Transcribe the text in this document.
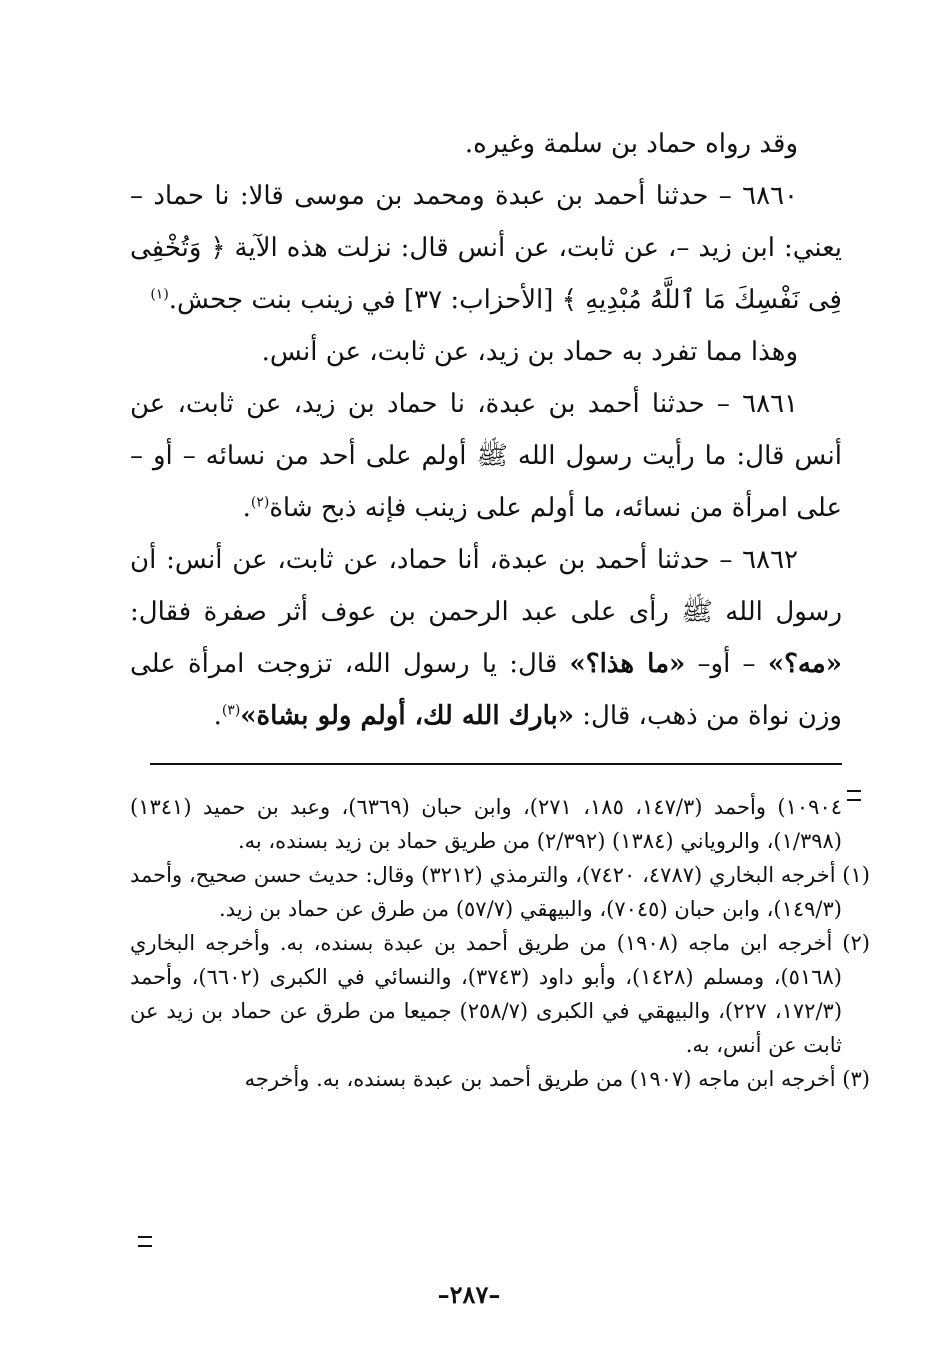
وقد رواه حماد بن سلمة وغيره.

٦٨٦٠ – حدثنا أحمد بن عبدة ومحمد بن موسى قالا: نا حماد – يعني: ابن زيد –، عن ثابت، عن أنس قال: نزلت هذه الآية ﴿ وَتُخْفِى فِى نَفْسِكَ مَا ٱللَّهُ مُبْدِيهِ ﴾ [الأحزاب: ٣٧] في زينب بنت جحش.$^{(١)}$

وهذا مما تفرد به حماد بن زيد، عن ثابت، عن أنس.

٦٨٦١ – حدثنا أحمد بن عبدة، نا حماد بن زيد، عن ثابت، عن أنس قال: ما رأيت رسول الله ﷺ أولم على أحد من نسائه – أو – على امرأة من نسائه، ما أولم على زينب فإنه ذبح شاة$^{(٢)}$.

٦٨٦٢ – حدثنا أحمد بن عبدة، أنا حماد، عن ثابت، عن أنس: أن رسول الله ﷺ رأى على عبد الرحمن بن عوف أثر صفرة فقال: «مه؟» – أو– «ما هذا؟» قال: يا رسول الله، تزوجت امرأة على وزن نواة من ذهب، قال: «بارك الله لك، أولم ولو بشاة»$^{(٣)}$.

١٠٩٠٤) وأحمد (١٤٧/٣، ١٨٥، ٢٧١)، وابن حبان (٦٣٦٩)، وعبد بن حميد (١٣٤١) (١/٣٩٨)، والروياني (١٣٨٤) (٢/٣٩٢) من طريق حماد بن زيد بسنده، به.

(١) أخرجه البخاري (٤٧٨٧، ٧٤٢٠)، والترمذي (٣٢١٢) وقال: حديث حسن صحيح، وأحمد (١٤٩/٣)، وابن حبان (٧٠٤٥)، والبيهقي (٥٧/٧) من طرق عن حماد بن زيد.

(٢) أخرجه ابن ماجه (١٩٠٨) من طريق أحمد بن عبدة بسنده، به. وأخرجه البخاري (٥١٦٨)، ومسلم (١٤٢٨)، وأبو داود (٣٧٤٣)، والنسائي في الكبرى (٦٦٠٢)، وأحمد (١٧٢/٣، ٢٢٧)، والبيهقي في الكبرى (٢٥٨/٧) جميعا من طرق عن حماد بن زيد عن ثابت عن أنس، به.

(٣) أخرجه ابن ماجه (١٩٠٧) من طريق أحمد بن عبدة بسنده، به. وأخرجه

–٢٨٧–
